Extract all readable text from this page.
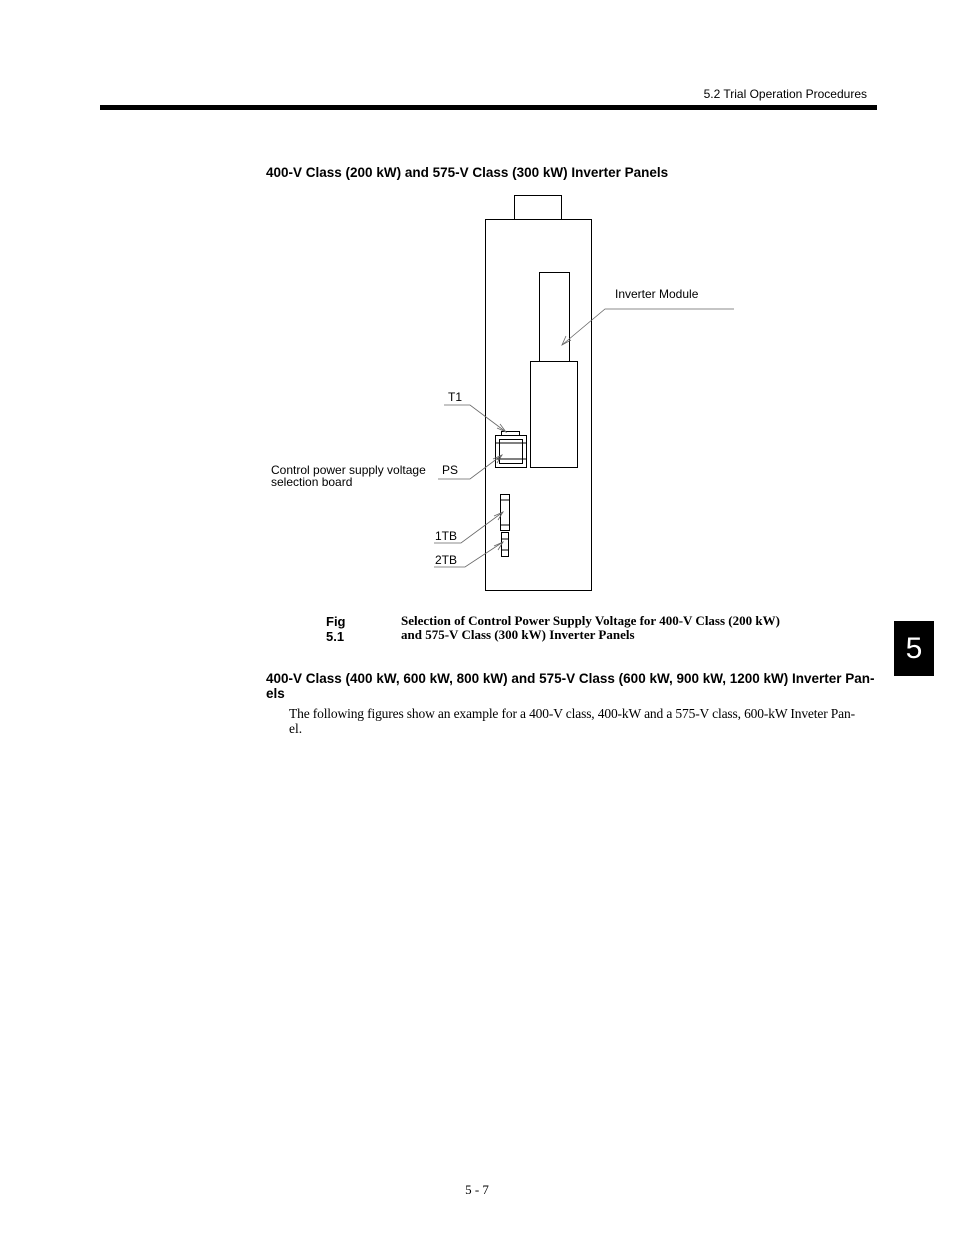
5.2 Trial Operation Procedures
400-V Class (200 kW) and 575-V Class (300 kW) Inverter Panels
Inverter Module
T1
PS
Control power supply voltage
selection board
1TB
2TB
Fig 5.1
Selection of Control Power Supply Voltage for 400-V Class (200 kW)
and 575-V Class (300 kW) Inverter Panels
400-V Class (400 kW, 600 kW, 800 kW) and 575-V Class (600 kW, 900 kW, 1200 kW) Inverter Pan-
els
The following figures show an example for a 400-V class, 400-kW and a 575-V class, 600-kW Inveter Pan-
el.
5
5 - 7
